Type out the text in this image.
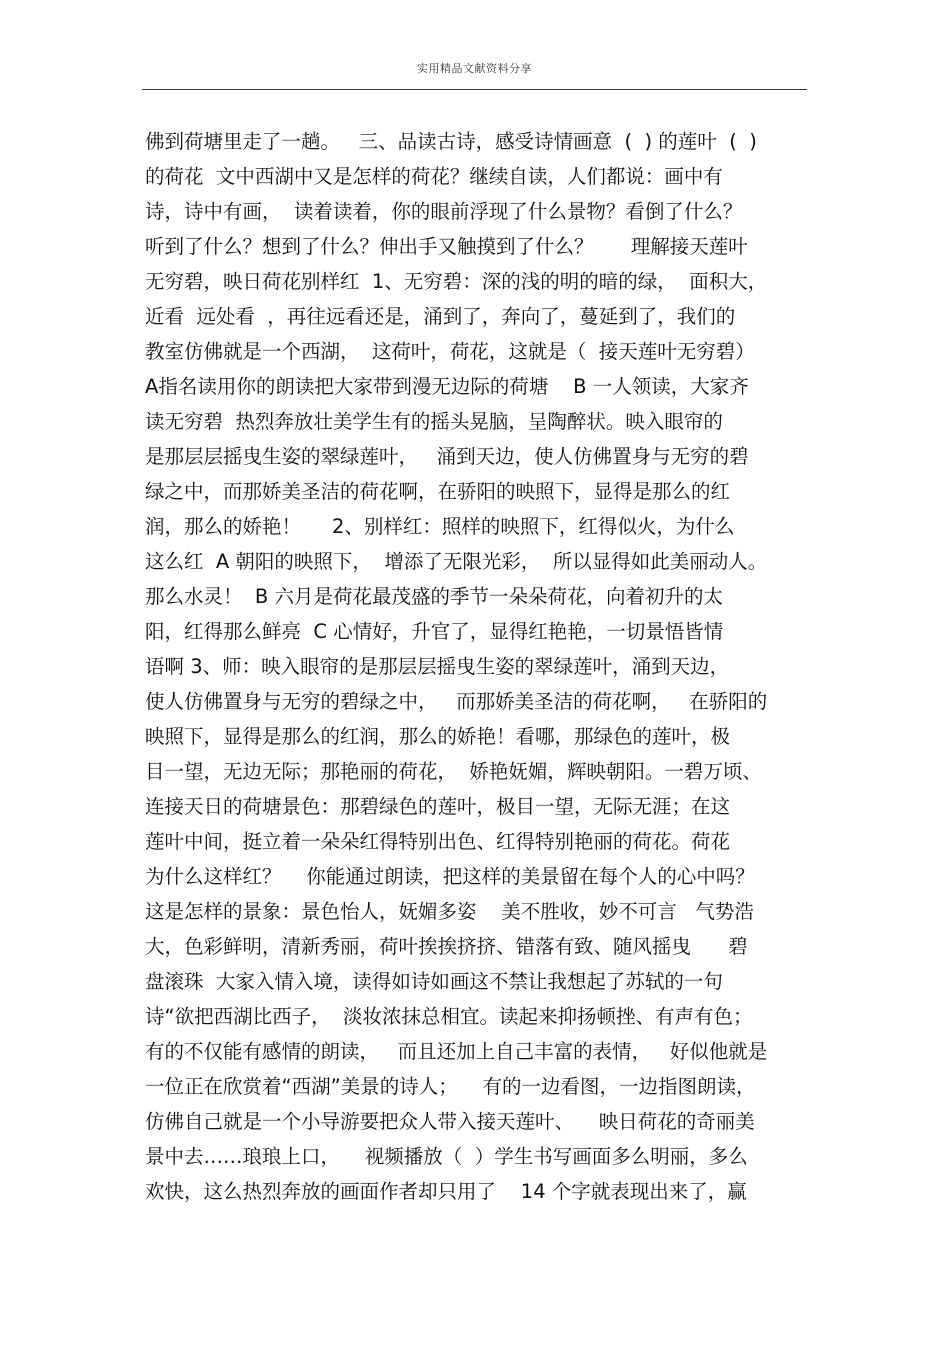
实用精品文献资料分享
佛到荷塘里走了一趟。   三、品读古诗，感受诗情画意  (  ) 的莲叶  (  )
的荷花  文中西湖中又是怎样的荷花？继续自读，人们都说：画中有
诗，诗中有画，  读着读着，你的眼前浮现了什么景物？看倒了什么？
听到了什么？想到了什么？伸出手又触摸到了什么？      理解接天莲叶
无穷碧，映日荷花别样红  1、无穷碧：深的浅的明的暗的绿，  面积大，
近看  远处看  ，再往远看还是，涌到了，奔向了，蔓延到了，我们的
教室仿佛就是一个西湖，  这荷叶，荷花，这就是（  接天莲叶无穷碧）
A指名读用你的朗读把大家带到漫无边际的荷塘    B 一人领读，大家齐
读无穷碧  热烈奔放壮美学生有的摇头晃脑，呈陶醉状。映入眼帘的
是那层层摇曳生姿的翠绿莲叶，   涌到天边，使人仿佛置身与无穷的碧
绿之中，而那娇美圣洁的荷花啊，在骄阳的映照下，显得是那么的红
润，那么的娇艳！     2、别样红：照样的映照下，红得似火，为什么
这么红  A 朝阳的映照下，  增添了无限光彩，  所以显得如此美丽动人。
那么水灵！  B 六月是荷花最茂盛的季节一朵朵荷花，向着初升的太
阳，红得那么鲜亮  C 心情好，升官了，显得红艳艳，一切景悟皆情
语啊 3、师：映入眼帘的是那层层摇曳生姿的翠绿莲叶，涌到天边，
使人仿佛置身与无穷的碧绿之中，   而那娇美圣洁的荷花啊，   在骄阳的
映照下，显得是那么的红润，那么的娇艳！看哪，那绿色的莲叶，极
目一望，无边无际；那艳丽的荷花，  娇艳妩媚，辉映朝阳。一碧万顷、
连接天日的荷塘景色：那碧绿色的莲叶，极目一望，无际无涯；在这
莲叶中间，挺立着一朵朵红得特别出色、红得特别艳丽的荷花。荷花
为什么这样红？    你能通过朗读，把这样的美景留在每个人的心中吗？
这是怎样的景象：景色怡人，妩媚多姿    美不胜收，妙不可言   气势浩
大，色彩鲜明，清新秀丽，荷叶挨挨挤挤、错落有致、随风摇曳      碧
盘滚珠  大家入情入境，读得如诗如画这不禁让我想起了苏轼的一句
诗“欲把西湖比西子，  淡妆浓抹总相宜。读起来抑扬顿挫、有声有色；
有的不仅能有感情的朗读，   而且还加上自己丰富的表情，   好似他就是
一位正在欣赏着“西湖”美景的诗人；    有的一边看图，一边指图朗读，
仿佛自己就是一个小导游要把众人带入接天莲叶、    映日荷花的奇丽美
景中去……琅琅上口，    视频播放（  ）学生书写画面多么明丽，多么
欢快，这么热烈奔放的画面作者却只用了    14 个字就表现出来了，赢
